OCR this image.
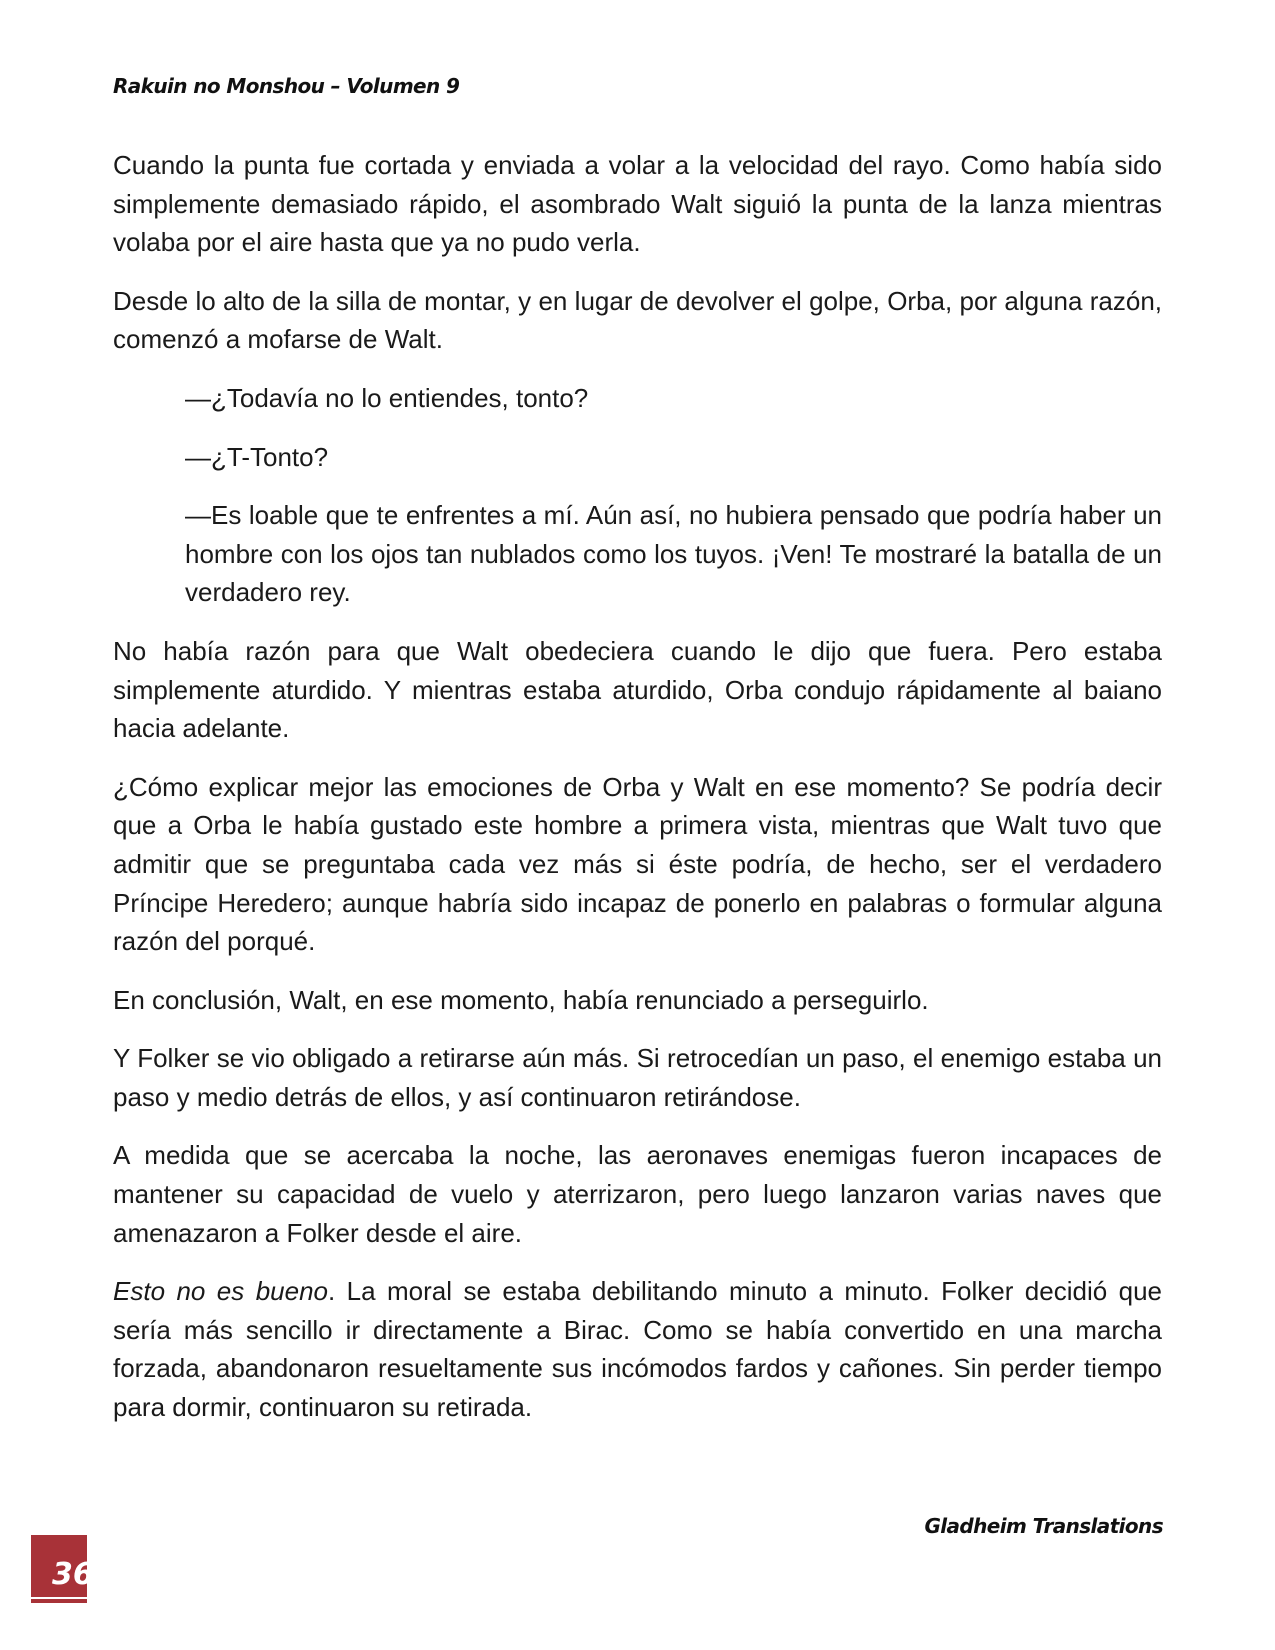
Rakuin no Monshou – Volumen 9

Cuando la punta fue cortada y enviada a volar a la velocidad del rayo. Como había sido simplemente demasiado rápido, el asombrado Walt siguió la punta de la lanza mientras volaba por el aire hasta que ya no pudo verla.

Desde lo alto de la silla de montar, y en lugar de devolver el golpe, Orba, por alguna razón, comenzó a mofarse de Walt.

—¿Todavía no lo entiendes, tonto?

—¿T-Tonto?

—Es loable que te enfrentes a mí. Aún así, no hubiera pensado que podría haber un hombre con los ojos tan nublados como los tuyos. ¡Ven! Te mostraré la batalla de un verdadero rey.

No había razón para que Walt obedeciera cuando le dijo que fuera. Pero estaba simplemente aturdido. Y mientras estaba aturdido, Orba condujo rápidamente al baiano hacia adelante.

¿Cómo explicar mejor las emociones de Orba y Walt en ese momento? Se podría decir que a Orba le había gustado este hombre a primera vista, mientras que Walt tuvo que admitir que se preguntaba cada vez más si éste podría, de hecho, ser el verdadero Príncipe Heredero; aunque habría sido incapaz de ponerlo en palabras o formular alguna razón del porqué.

En conclusión, Walt, en ese momento, había renunciado a perseguirlo.

Y Folker se vio obligado a retirarse aún más. Si retrocedían un paso, el enemigo estaba un paso y medio detrás de ellos, y así continuaron retirándose.

A medida que se acercaba la noche, las aeronaves enemigas fueron incapaces de mantener su capacidad de vuelo y aterrizaron, pero luego lanzaron varias naves que amenazaron a Folker desde el aire.

Esto no es bueno. La moral se estaba debilitando minuto a minuto. Folker decidió que sería más sencillo ir directamente a Birac. Como se había convertido en una marcha forzada, abandonaron resueltamente sus incómodos fardos y cañones. Sin perder tiempo para dormir, continuaron su retirada.

Gladheim Translations
36
